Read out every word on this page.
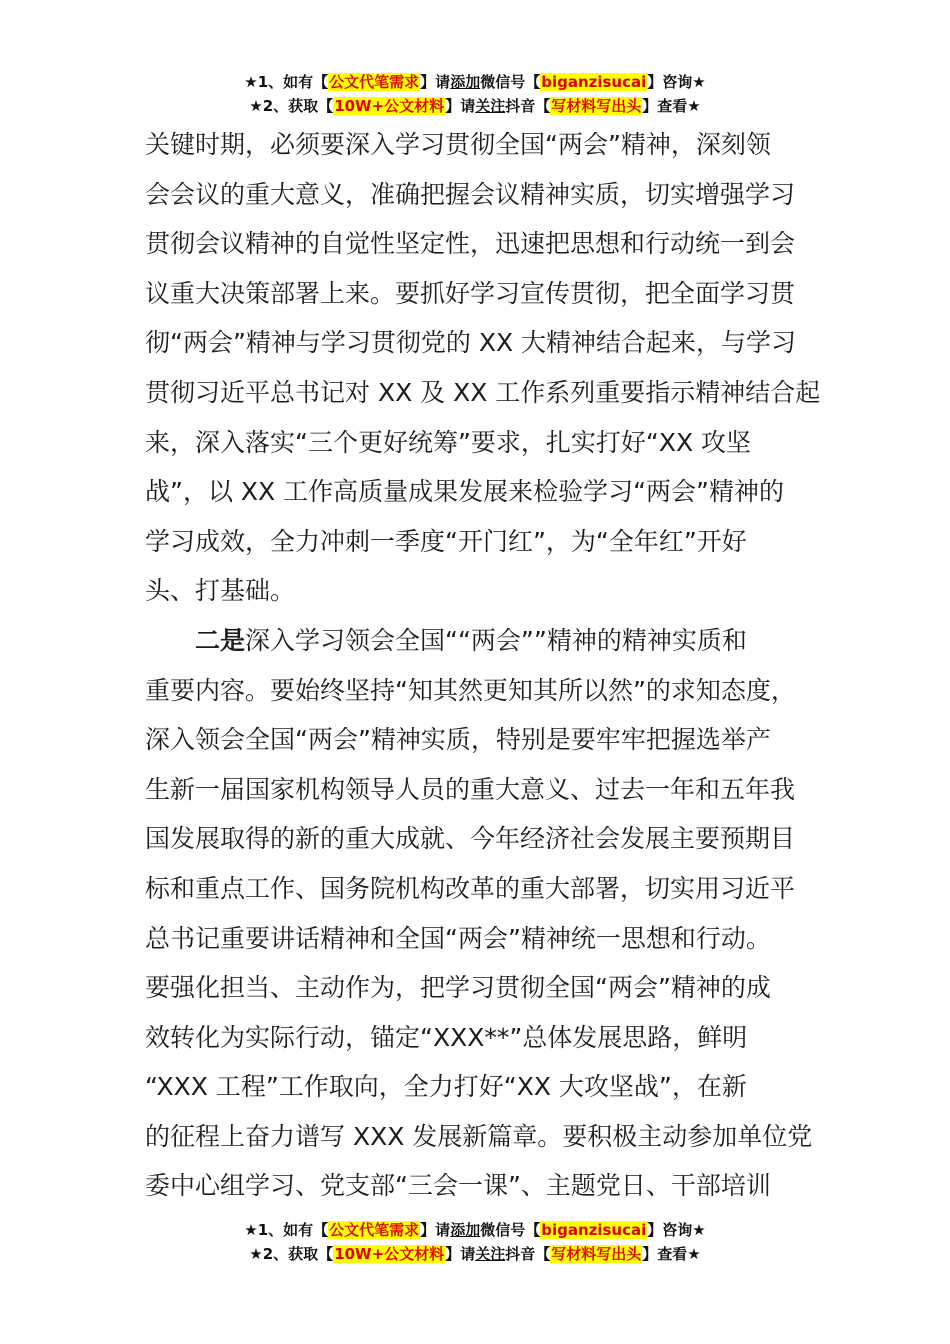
★1、如有【公文代笔需求】请添加微信号【biganzisucai】咨询★
★2、获取【10W+公文材料】请关注抖音【写材料写出头】查看★
关键时期，必须要深入学习贯彻全国“两会”精神，深刻领
会会议的重大意义，准确把握会议精神实质，切实增强学习
贯彻会议精神的自觉性坚定性，迅速把思想和行动统一到会
议重大决策部署上来。要抓好学习宣传贯彻，把全面学习贯
彻“两会”精神与学习贯彻党的 XX 大精神结合起来，与学习
贯彻习近平总书记对 XX 及 XX 工作系列重要指示精神结合起
来，深入落实“三个更好统筹”要求，扎实打好“XX 攻坚
战”，以 XX 工作高质量成果发展来检验学习“两会”精神的
学习成效，全力冲刺一季度“开门红”，为“全年红”开好
头、打基础。
二是深入学习领会全国““两会””精神的精神实质和
重要内容。要始终坚持“知其然更知其所以然”的求知态度，
深入领会全国“两会”精神实质，特别是要牢牢把握选举产
生新一届国家机构领导人员的重大意义、过去一年和五年我
国发展取得的新的重大成就、今年经济社会发展主要预期目
标和重点工作、国务院机构改革的重大部署，切实用习近平
总书记重要讲话精神和全国“两会”精神统一思想和行动。
要强化担当、主动作为，把学习贯彻全国“两会”精神的成
效转化为实际行动，锚定“XXX**”总体发展思路，鲜明
“XXX 工程”工作取向，全力打好“XX 大攻坚战”，在新
的征程上奋力谱写 XXX 发展新篇章。要积极主动参加单位党
委中心组学习、党支部“三会一课”、主题党日、干部培训
★1、如有【公文代笔需求】请添加微信号【biganzisucai】咨询★
★2、获取【10W+公文材料】请关注抖音【写材料写出头】查看★
